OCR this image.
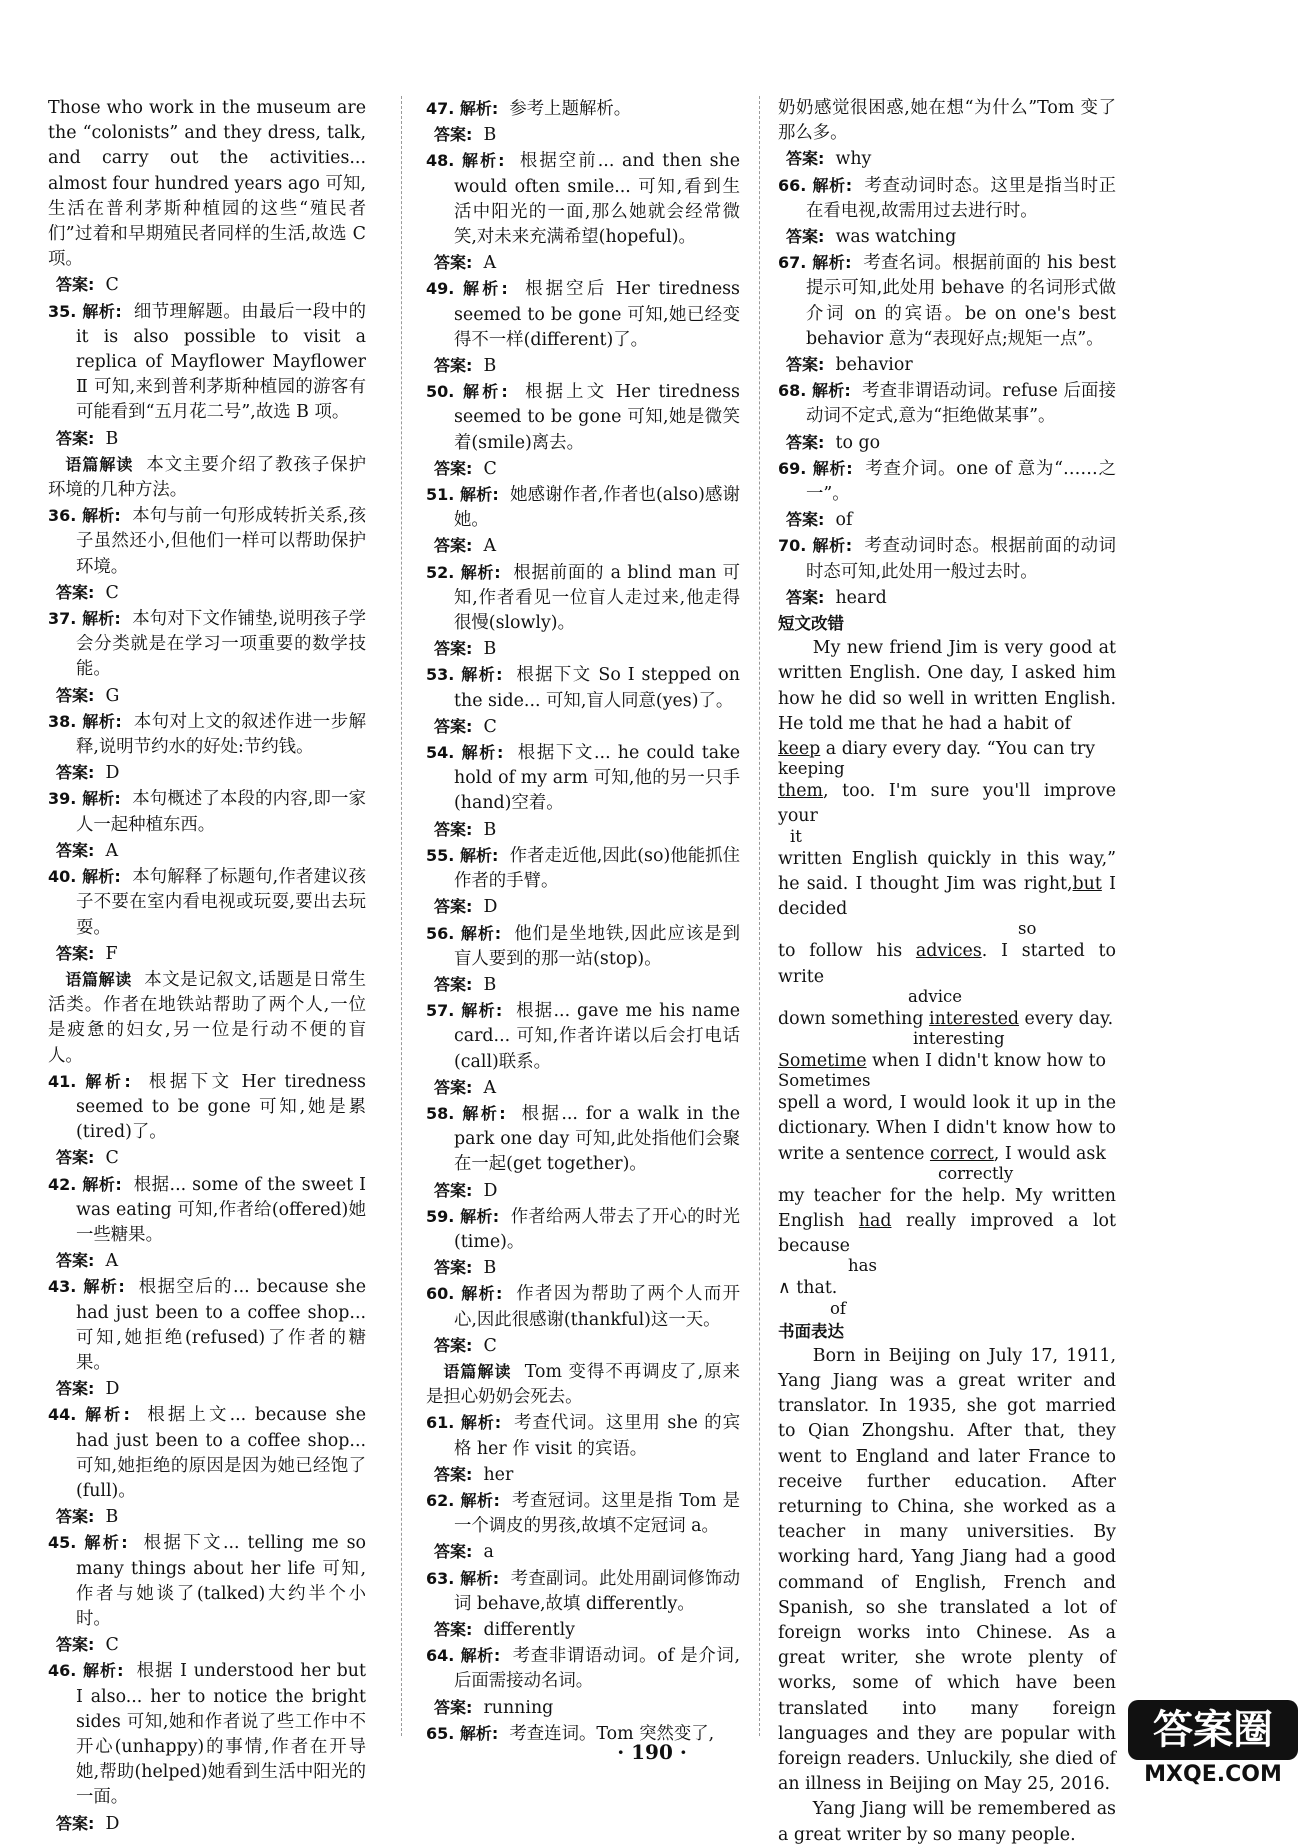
Those who work in the museum are the “colonists” and they dress, talk, and carry out the activities... almost four hundred years ago 可知,生活在普利茅斯种植园的这些“殖民者们”过着和早期殖民者同样的生活,故选 C 项。
答案: C
35. 解析: 细节理解题。由最后一段中的 it is also possible to visit a replica of Mayflower Mayflower Ⅱ 可知,来到普利茅斯种植园的游客有可能看到“五月花二号”,故选 B 项。
答案: B
语篇解读 本文主要介绍了教孩子保护环境的几种方法。
36. 解析: 本句与前一句形成转折关系,孩子虽然还小,但他们一样可以帮助保护环境。
答案: C
37. 解析: 本句对下文作铺垫,说明孩子学会分类就是在学习一项重要的数学技能。
答案: G
38. 解析: 本句对上文的叙述作进一步解释,说明节约水的好处:节约钱。
答案: D
39. 解析: 本句概述了本段的内容,即一家人一起种植东西。
答案: A
40. 解析: 本句解释了标题句,作者建议孩子不要在室内看电视或玩耍,要出去玩耍。
答案: F
语篇解读 本文是记叙文,话题是日常生活类。作者在地铁站帮助了两个人,一位是疲惫的妇女,另一位是行动不便的盲人。
41. 解析: 根据下文 Her tiredness seemed to be gone 可知,她是累(tired)了。
答案: C
42. 解析: 根据... some of the sweet I was eating 可知,作者给(offered)她一些糖果。
答案: A
43. 解析: 根据空后的... because she had just been to a coffee shop... 可知,她拒绝(refused)了作者的糖果。
答案: D
44. 解析: 根据上文... because she had just been to a coffee shop... 可知,她拒绝的原因是因为她已经饱了(full)。
答案: B
45. 解析: 根据下文... telling me so many things about her life 可知,作者与她谈了(talked)大约半个小时。
答案: C
46. 解析: 根据 I understood her but I also... her to notice the bright sides 可知,她和作者说了些工作中不开心(unhappy)的事情,作者在开导她,帮助(helped)她看到生活中阳光的一面。
答案: D
47. 解析: 参考上题解析。
答案: B
48. 解析: 根据空前... and then she would often smile... 可知,看到生活中阳光的一面,那么她就会经常微笑,对未来充满希望(hopeful)。
答案: A
49. 解析: 根据空后 Her tiredness seemed to be gone 可知,她已经变得不一样(different)了。
答案: B
50. 解析: 根据上文 Her tiredness seemed to be gone 可知,她是微笑着(smile)离去。
答案: C
51. 解析: 她感谢作者,作者也(also)感谢她。
答案: A
52. 解析: 根据前面的 a blind man 可知,作者看见一位盲人走过来,他走得很慢(slowly)。
答案: B
53. 解析: 根据下文 So I stepped on the side... 可知,盲人同意(yes)了。
答案: C
54. 解析: 根据下文... he could take hold of my arm 可知,他的另一只手(hand)空着。
答案: B
55. 解析: 作者走近他,因此(so)他能抓住作者的手臂。
答案: D
56. 解析: 他们是坐地铁,因此应该是到盲人要到的那一站(stop)。
答案: B
57. 解析: 根据... gave me his name card... 可知,作者许诺以后会打电话(call)联系。
答案: A
58. 解析: 根据... for a walk in the park one day 可知,此处指他们会聚在一起(get together)。
答案: D
59. 解析: 作者给两人带去了开心的时光(time)。
答案: B
60. 解析: 作者因为帮助了两个人而开心,因此很感谢(thankful)这一天。
答案: C
语篇解读 Tom 变得不再调皮了,原来是担心奶奶会死去。
61. 解析: 考查代词。这里用 she 的宾格 her 作 visit 的宾语。
答案: her
62. 解析: 考查冠词。这里是指 Tom 是一个调皮的男孩,故填不定冠词 a。
答案: a
63. 解析: 考查副词。此处用副词修饰动词 behave,故填 differently。
答案: differently
64. 解析: 考查非谓语动词。of 是介词,后面需接动名词。
答案: running
65. 解析: 考查连词。Tom 突然变了,
奶奶感觉很困惑,她在想“为什么”Tom 变了那么多。
答案: why
66. 解析: 考查动词时态。这里是指当时正在看电视,故需用过去进行时。
答案: was watching
67. 解析: 考查名词。根据前面的 his best 提示可知,此处用 behave 的名词形式做介词 on 的宾语。be on one's best behavior 意为“表现好点;规矩一点”。
答案: behavior
68. 解析: 考查非谓语动词。refuse 后面接动词不定式,意为“拒绝做某事”。
答案: to go
69. 解析: 考查介词。one of 意为“……之一”。
答案: of
70. 解析: 考查动词时态。根据前面的动词时态可知,此处用一般过去时。
答案: heard
短文改错
My new friend Jim is very good at written English. One day, I asked him how he did so well in written English. He told me that he had a habit of
keep a diary every day. “You can try
keeping
them, too. I'm sure you'll improve your
it
written English quickly in this way,” he said. I thought Jim was right,but I decided
so
to follow his advices. I started to write
advice
down something interested every day.
interesting
Sometime when I didn't know how to
Sometimes
spell a word, I would look it up in the dictionary. When I didn't know how to write a sentence correct, I would ask
correctly
my teacher for the help. My written English had really improved a lot because
has
∧ that.
of
书面表达
Born in Beijing on July 17, 1911, Yang Jiang was a great writer and translator. In 1935, she got married to Qian Zhongshu. After that, they went to England and later France to receive further education. After returning to China, she worked as a teacher in many universities. By working hard, Yang Jiang had a good command of English, French and Spanish, so she translated a lot of foreign works into Chinese. As a great writer, she wrote plenty of works, some of which have been translated into many foreign languages and they are popular with foreign readers. Unluckily, she died of an illness in Beijing on May 25, 2016.
Yang Jiang will be remembered as a great writer by so many people.
· 190 ·	答案圈
MXQE.COM
